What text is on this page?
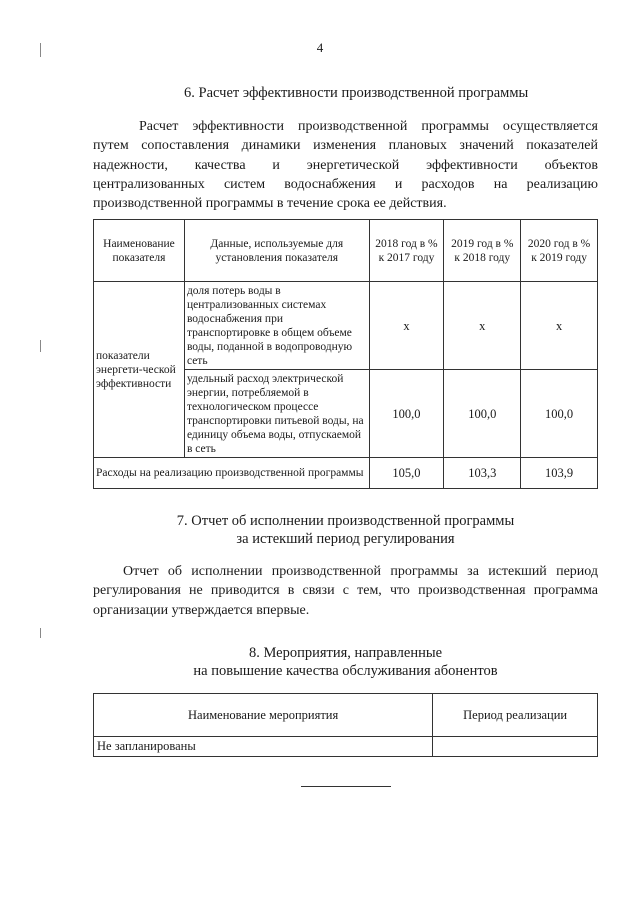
4
6. Расчет эффективности производственной программы
Расчет эффективности производственной программы осуществляется
путем сопоставления динамики изменения плановых значений показателей
надежности, качества и энергетической эффективности объектов
централизованных систем водоснабжения и расходов на реализацию
производственной программы в течение срока ее действия.
Наименование показателя	Данные, используемые для установления показателя	2018 год в % к 2017 году	2019 год в % к 2018 году	2020 год в % к 2019 году
показатели энергети-ческой эффективности	доля потерь воды в централизованных системах водоснабжения при транспортировке в общем объеме воды, поданной в водопроводную сеть	x	x	x
	удельный расход электрической энергии, потребляемой в технологическом процессе транспортировки питьевой воды, на единицу объема воды, отпускаемой в сеть	100,0	100,0	100,0
Расходы на реализацию производственной программы		105,0	103,3	103,9
7. Отчет об исполнении производственной программы
за истекший период регулирования
Отчет об исполнении производственной программы за истекший период
регулирования не приводится в связи с тем, что производственная программа
организации утверждается впервые.
8. Мероприятия, направленные
на повышение качества обслуживания абонентов
Наименование мероприятия	Период реализации
Не запланированы	
